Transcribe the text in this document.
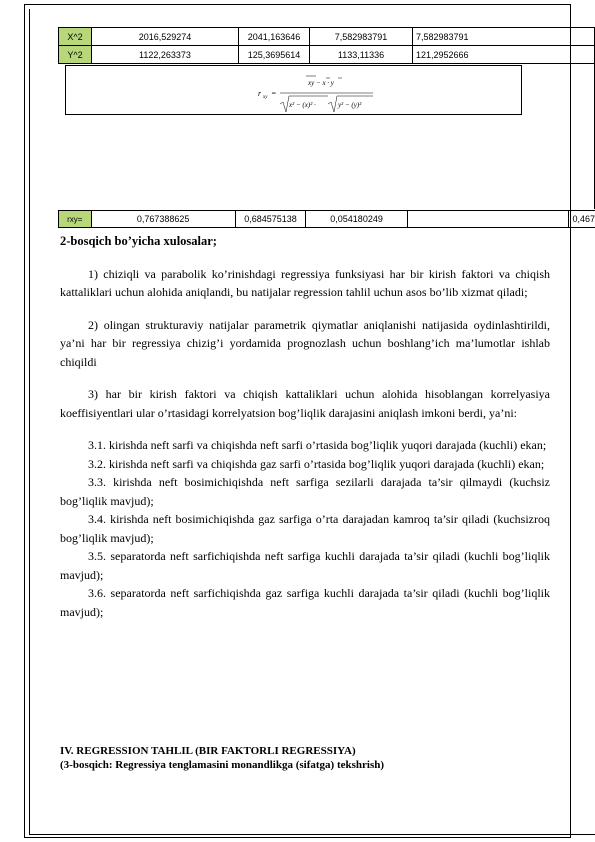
X^2	2016,529274	2041,163646	7,582983791	7,582983791
Y^2	1122,263373	125,3695614	1133,11336	121,2952666
r xy =
xy − x · y
x² − (x)² ·	y² − (y)²
rxy=	0,767388625	0,684575138	0,054180249		0,467
2-bosqich bo’yicha xulosalar;

1) chiziqli va parabolik ko’rinishdagi regressiya funksiyasi har bir kirish faktori va chiqish kattaliklari uchun alohida aniqlandi, bu natijalar regression tahlil uchun asos bo’lib xizmat qiladi;

2) olingan strukturaviy natijalar parametrik qiymatlar aniqlanishi natijasida oydinlashtirildi, ya’ni har bir regressiya chizig’i yordamida prognozlash uchun boshlang’ich ma’lumotlar ishlab chiqildi

3) har bir kirish faktori va chiqish kattaliklari uchun alohida hisoblangan korrelyasiya koeffisiyentlari ular o’rtasidagi korrelyatsion bog’liqlik darajasini aniqlash imkoni berdi, ya’ni:

3.1. kirishda neft sarfi va chiqishda neft sarfi o’rtasida bog’liqlik yuqori darajada (kuchli) ekan;

3.2. kirishda neft sarfi va chiqishda gaz sarfi o’rtasida bog’liqlik yuqori darajada (kuchli) ekan;

3.3. kirishda neft bosimichiqishda neft sarfiga sezilarli darajada ta’sir qilmaydi (kuchsiz bog’liqlik mavjud);

3.4. kirishda neft bosimichiqishda gaz sarfiga o’rta darajadan kamroq ta’sir qiladi (kuchsizroq bog’liqlik mavjud);

3.5. separatorda neft sarfichiqishda neft sarfiga kuchli darajada ta’sir qiladi (kuchli bog’liqlik mavjud);

3.6. separatorda neft sarfichiqishda gaz sarfiga kuchli darajada ta’sir qiladi (kuchli bog’liqlik mavjud);

IV. REGRESSION TAHLIL (BIR FAKTORLI REGRESSIYA)
(3-bosqich: Regressiya tenglamasini monandlikga (sifatga) tekshrish)
